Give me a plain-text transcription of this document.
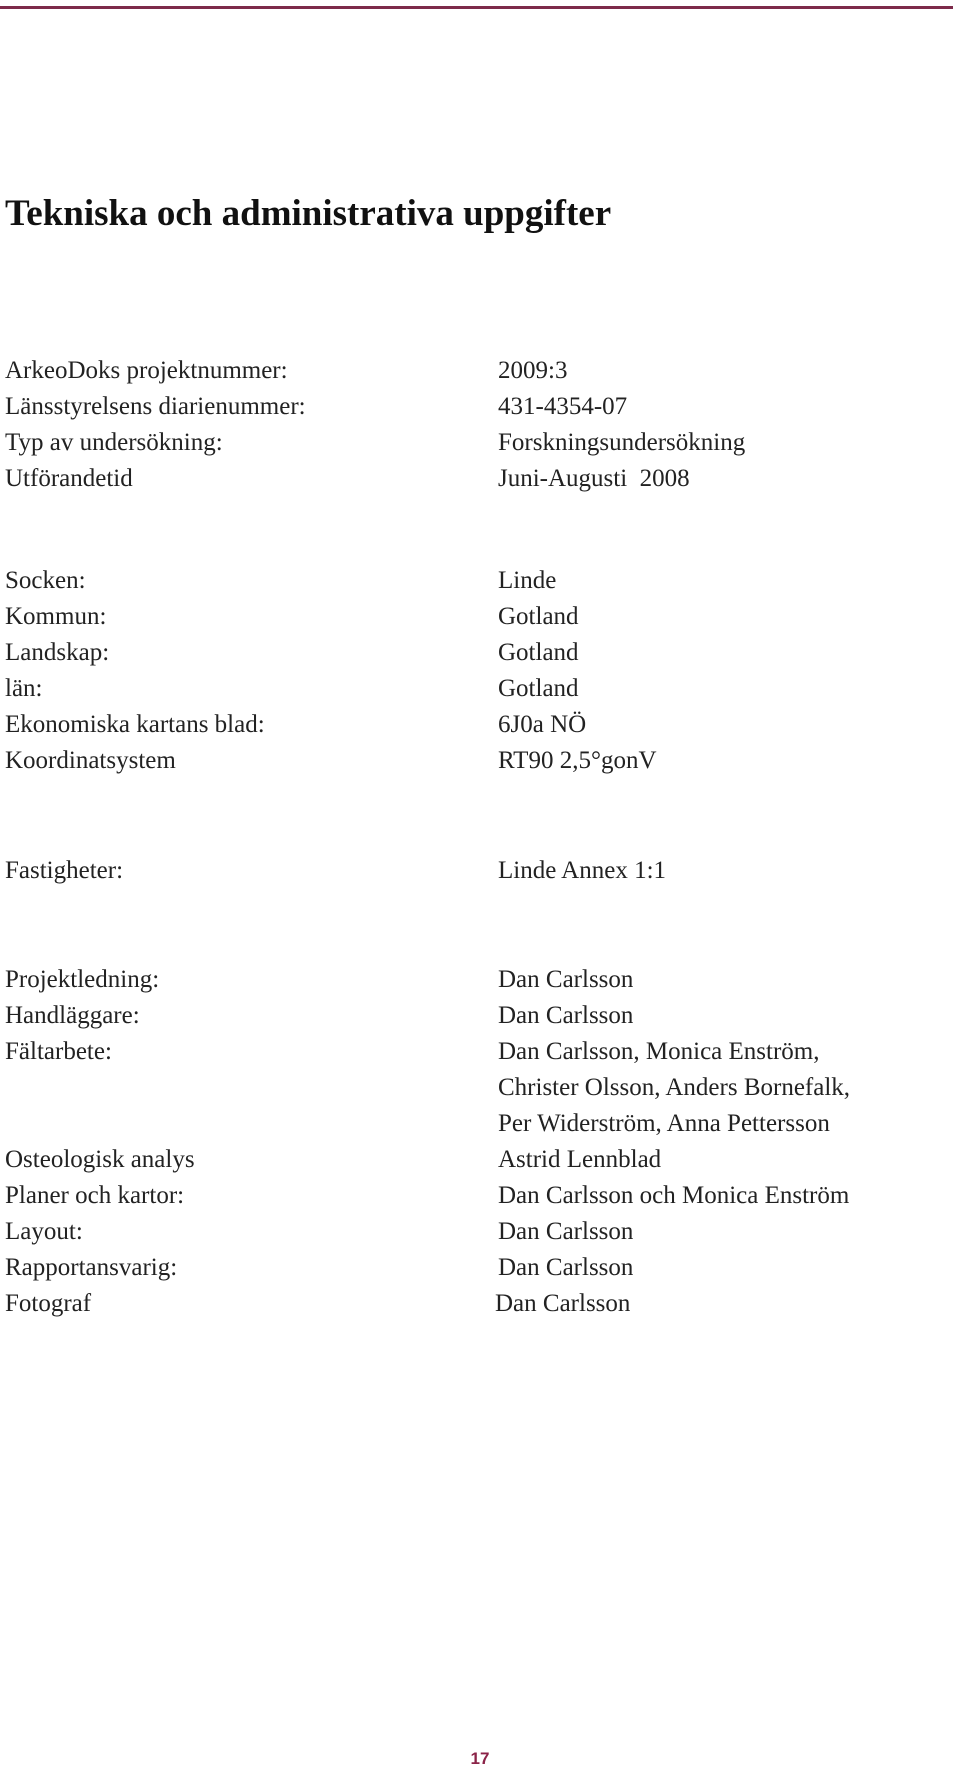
Tekniska och administrativa uppgifter
ArkeoDoks projektnummer:	2009:3
Länsstyrelsens diarienummer:	431-4354-07
Typ av undersökning:	Forskningsundersökning
Utförandetid	Juni-Augusti  2008
Socken:	Linde
Kommun:	Gotland
Landskap:	Gotland
län:	Gotland
Ekonomiska kartans blad:	6J0a NÖ
Koordinatsystem	RT90 2,5°gonV
Fastigheter:	Linde Annex 1:1
Projektledning:	Dan Carlsson
Handläggare:	Dan Carlsson
Fältarbete:	Dan Carlsson, Monica Enström,
Christer Olsson, Anders Bornefalk,
Per Widerström, Anna Pettersson
Osteologisk analys	Astrid Lennblad
Planer och kartor:	Dan Carlsson och Monica Enström
Layout:	Dan Carlsson
Rapportansvarig:	Dan Carlsson
Fotograf	Dan Carlsson
17
